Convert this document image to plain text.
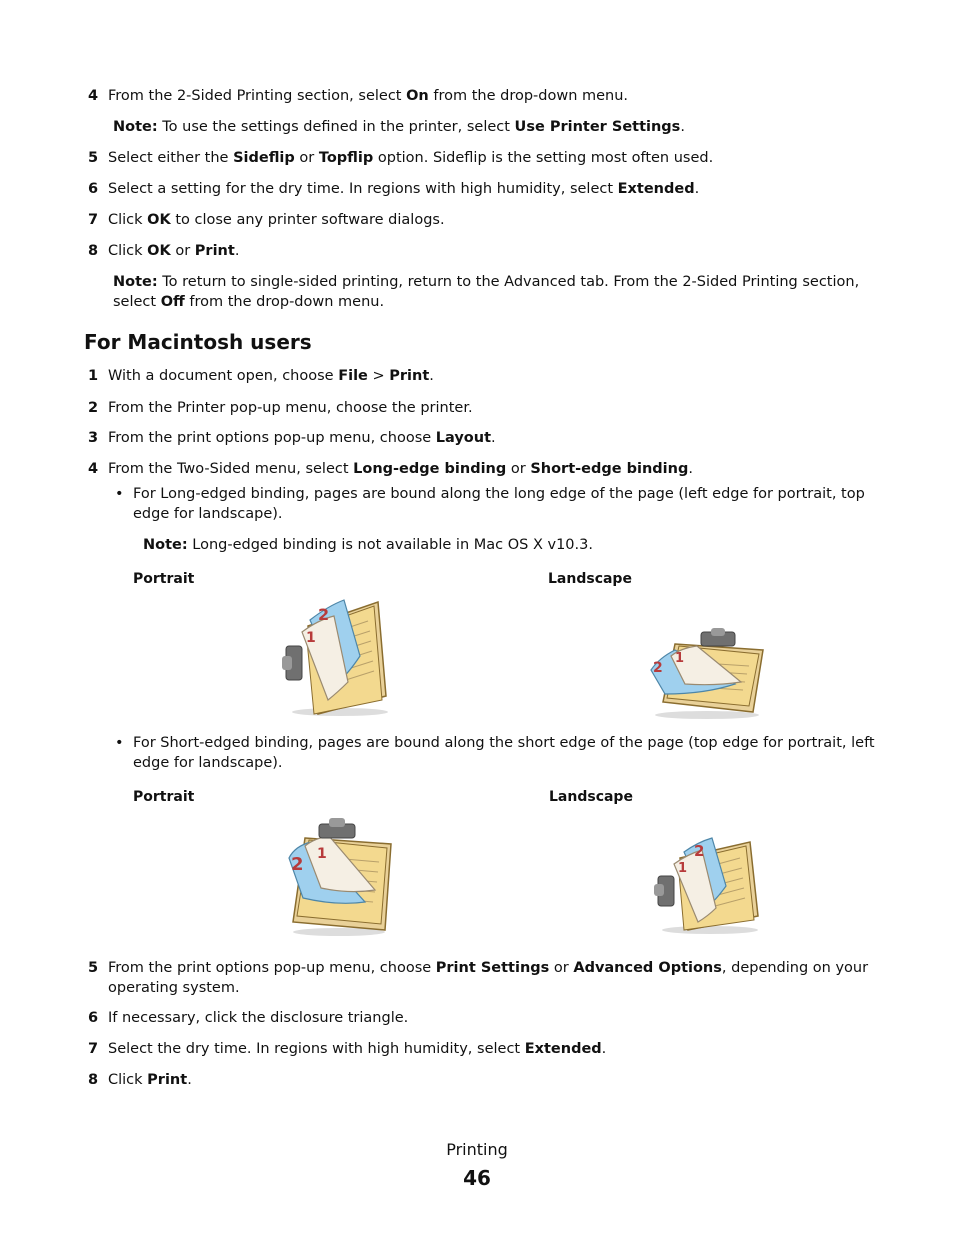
4 From the 2-Sided Printing section, select On from the drop-down menu.
Note: To use the settings defined in the printer, select Use Printer Settings.
5 Select either the Sideflip or Topflip option. Sideflip is the setting most often used.
6 Select a setting for the dry time. In regions with high humidity, select Extended.
7 Click OK to close any printer software dialogs.
8 Click OK or Print.
Note: To return to single-sided printing, return to the Advanced tab. From the 2-Sided Printing section, select Off from the drop-down menu.
For Macintosh users
1 With a document open, choose File > Print.
2 From the Printer pop-up menu, choose the printer.
3 From the print options pop-up menu, choose Layout.
4 From the Two-Sided menu, select Long-edge binding or Short-edge binding.
• For Long-edged binding, pages are bound along the long edge of the page (left edge for portrait, top edge for landscape).
Note: Long-edged binding is not available in Mac OS X v10.3.
Portrait	Landscape
2
1
2
1
• For Short-edged binding, pages are bound along the short edge of the page (top edge for portrait, left edge for landscape).
Portrait	Landscape
2 1	2
1
5 From the print options pop-up menu, choose Print Settings or Advanced Options, depending on your operating system.
6 If necessary, click the disclosure triangle.
7 Select the dry time. In regions with high humidity, select Extended.
8 Click Print.
Printing
46
